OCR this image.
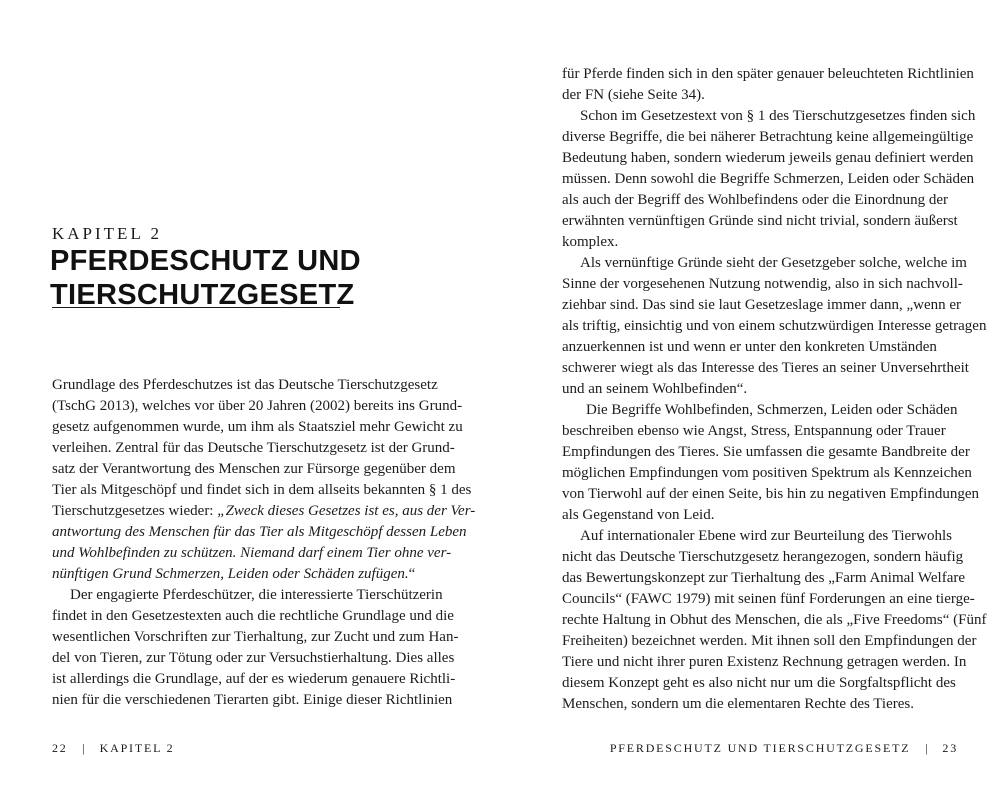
KAPITEL 2
PFERDESCHUTZ UND
TIERSCHUTZGESETZ
Grundlage des Pferdeschutzes ist das Deutsche Tierschutzgesetz
(TschG 2013), welches vor über 20 Jahren (2002) bereits ins Grund-
gesetz aufgenommen wurde, um ihm als Staatsziel mehr Gewicht zu
verleihen. Zentral für das Deutsche Tierschutzgesetz ist der Grund-
satz der Verantwortung des Menschen zur Fürsorge gegenüber dem
Tier als Mitgeschöpf und findet sich in dem allseits bekannten § 1 des
Tierschutzgesetzes wieder: „Zweck dieses Gesetzes ist es, aus der Ver-
antwortung des Menschen für das Tier als Mitgeschöpf dessen Leben
und Wohlbefinden zu schützen. Niemand darf einem Tier ohne ver-
nünftigen Grund Schmerzen, Leiden oder Schäden zufügen.“
Der engagierte Pferdeschützer, die interessierte Tierschützerin
findet in den Gesetzestexten auch die rechtliche Grundlage und die
wesentlichen Vorschriften zur Tierhaltung, zur Zucht und zum Han-
del von Tieren, zur Tötung oder zur Versuchstierhaltung. Dies alles
ist allerdings die Grundlage, auf der es wiederum genauere Richtli-
nien für die verschiedenen Tierarten gibt. Einige dieser Richtlinien
22 | KAPITEL 2
für Pferde finden sich in den später genauer beleuchteten Richtlinien
der FN (siehe Seite 34).
Schon im Gesetzestext von § 1 des Tierschutzgesetzes finden sich
diverse Begriffe, die bei näherer Betrachtung keine allgemeingültige
Bedeutung haben, sondern wiederum jeweils genau definiert werden
müssen. Denn sowohl die Begriffe Schmerzen, Leiden oder Schäden
als auch der Begriff des Wohlbefindens oder die Einordnung der
erwähnten vernünftigen Gründe sind nicht trivial, sondern äußerst
komplex.
Als vernünftige Gründe sieht der Gesetzgeber solche, welche im
Sinne der vorgesehenen Nutzung notwendig, also in sich nachvoll-
ziehbar sind. Das sind sie laut Gesetzeslage immer dann, „wenn er
als triftig, einsichtig und von einem schutzwürdigen Interesse getragen
anzuerkennen ist und wenn er unter den konkreten Umständen
schwerer wiegt als das Interesse des Tieres an seiner Unversehrtheit
und an seinem Wohlbefinden“.
Die Begriffe Wohlbefinden, Schmerzen, Leiden oder Schäden
beschreiben ebenso wie Angst, Stress, Entspannung oder Trauer
Empfindungen des Tieres. Sie umfassen die gesamte Bandbreite der
möglichen Empfindungen vom positiven Spektrum als Kennzeichen
von Tierwohl auf der einen Seite, bis hin zu negativen Empfindungen
als Gegenstand von Leid.
Auf internationaler Ebene wird zur Beurteilung des Tierwohls
nicht das Deutsche Tierschutzgesetz herangezogen, sondern häufig
das Bewertungskonzept zur Tierhaltung des „Farm Animal Welfare
Councils“ (FAWC 1979) mit seinen fünf Forderungen an eine tierge-
rechte Haltung in Obhut des Menschen, die als „Five Freedoms“ (Fünf
Freiheiten) bezeichnet werden. Mit ihnen soll den Empfindungen der
Tiere und nicht ihrer puren Existenz Rechnung getragen werden. In
diesem Konzept geht es also nicht nur um die Sorgfaltspflicht des
Menschen, sondern um die elementaren Rechte des Tieres.
PFERDESCHUTZ UND TIERSCHUTZGESETZ | 23
